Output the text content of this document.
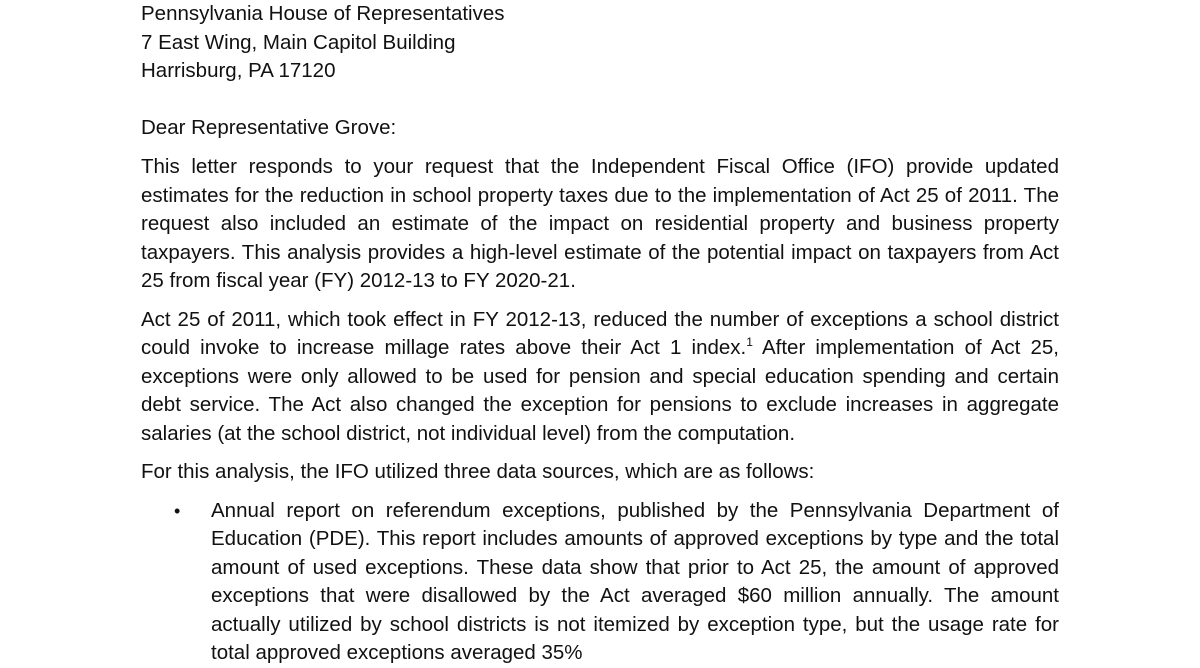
Pennsylvania House of Representatives

7 East Wing, Main Capitol Building

Harrisburg, PA 17120

Dear Representative Grove:

This letter responds to your request that the Independent Fiscal Office (IFO) provide updated estimates for the reduction in school property taxes due to the implementation of Act 25 of 2011. The request also included an estimate of the impact on residential property and business property taxpayers. This analysis provides a high-level estimate of the potential impact on taxpayers from Act 25 from fiscal year (FY) 2012-13 to FY 2020-21.

Act 25 of 2011, which took effect in FY 2012-13, reduced the number of exceptions a school district could invoke to increase millage rates above their Act 1 index.$^1$ After implementation of Act 25, exceptions were only allowed to be used for pension and special education spending and certain debt service. The Act also changed the exception for pensions to exclude increases in aggregate salaries (at the school district, not individual level) from the computation.

For this analysis, the IFO utilized three data sources, which are as follows:

• Annual report on referendum exceptions, published by the Pennsylvania Department of Education (PDE). This report includes amounts of approved exceptions by type and the total amount of used exceptions. These data show that prior to Act 25, the amount of approved exceptions that were disallowed by the Act averaged $60 million annually. The amount actually utilized by school districts is not itemized by exception type, but the usage rate for total approved exceptions averaged 35%
